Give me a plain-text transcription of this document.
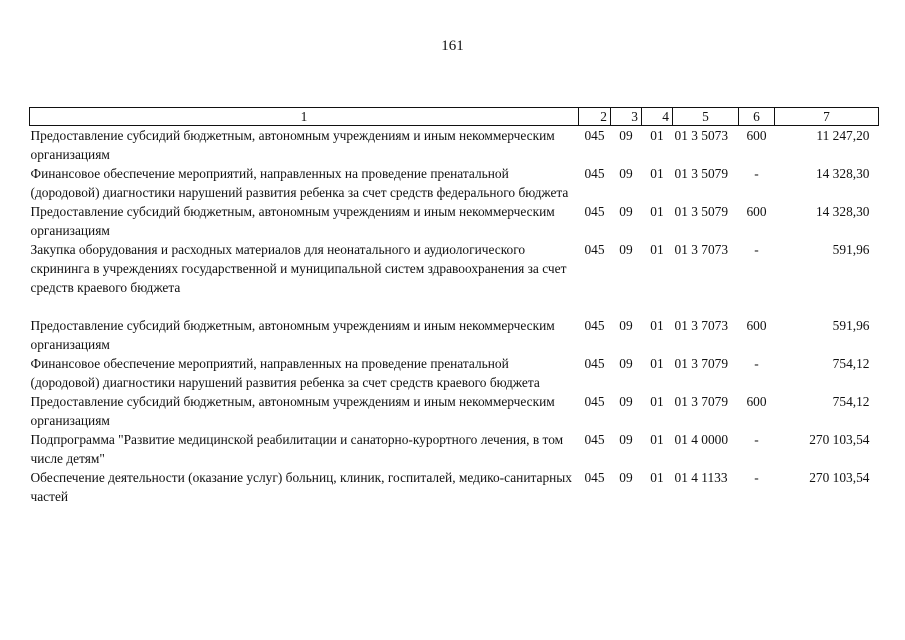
161
1	2	3	4	5	6	7
Предоставление субсидий бюджетным, автономным учреждениям и иным некоммерческим организациям	045	09	01	01 3 5073	600	11 247,20
Финансовое обеспечение мероприятий, направленных на проведение пренатальной (дородовой) диагностики нарушений развития ребенка за счет средств федерального бюджета	045	09	01	01 3 5079	-	14 328,30
Предоставление субсидий бюджетным, автономным учреждениям и иным некоммерческим организациям	045	09	01	01 3 5079	600	14 328,30
Закупка оборудования и расходных материалов для неонатального и аудиологического скрининга в учреждениях государственной и муниципальной систем здравоохранения за счет средств краевого бюджета	045	09	01	01 3 7073	-	591,96
Предоставление субсидий бюджетным, автономным учреждениям и иным некоммерческим организациям	045	09	01	01 3 7073	600	591,96
Финансовое обеспечение мероприятий, направленных на проведение пренатальной (дородовой) диагностики нарушений развития ребенка за счет средств краевого бюджета	045	09	01	01 3 7079	-	754,12
Предоставление субсидий бюджетным, автономным учреждениям и иным некоммерческим организациям	045	09	01	01 3 7079	600	754,12
Подпрограмма "Развитие медицинской реабилитации и санаторно-курортного лечения, в том числе детям"	045	09	01	01 4 0000	-	270 103,54
Обеспечение деятельности (оказание услуг) больниц, клиник, госпиталей, медико-санитарных частей	045	09	01	01 4 1133	-	270 103,54
